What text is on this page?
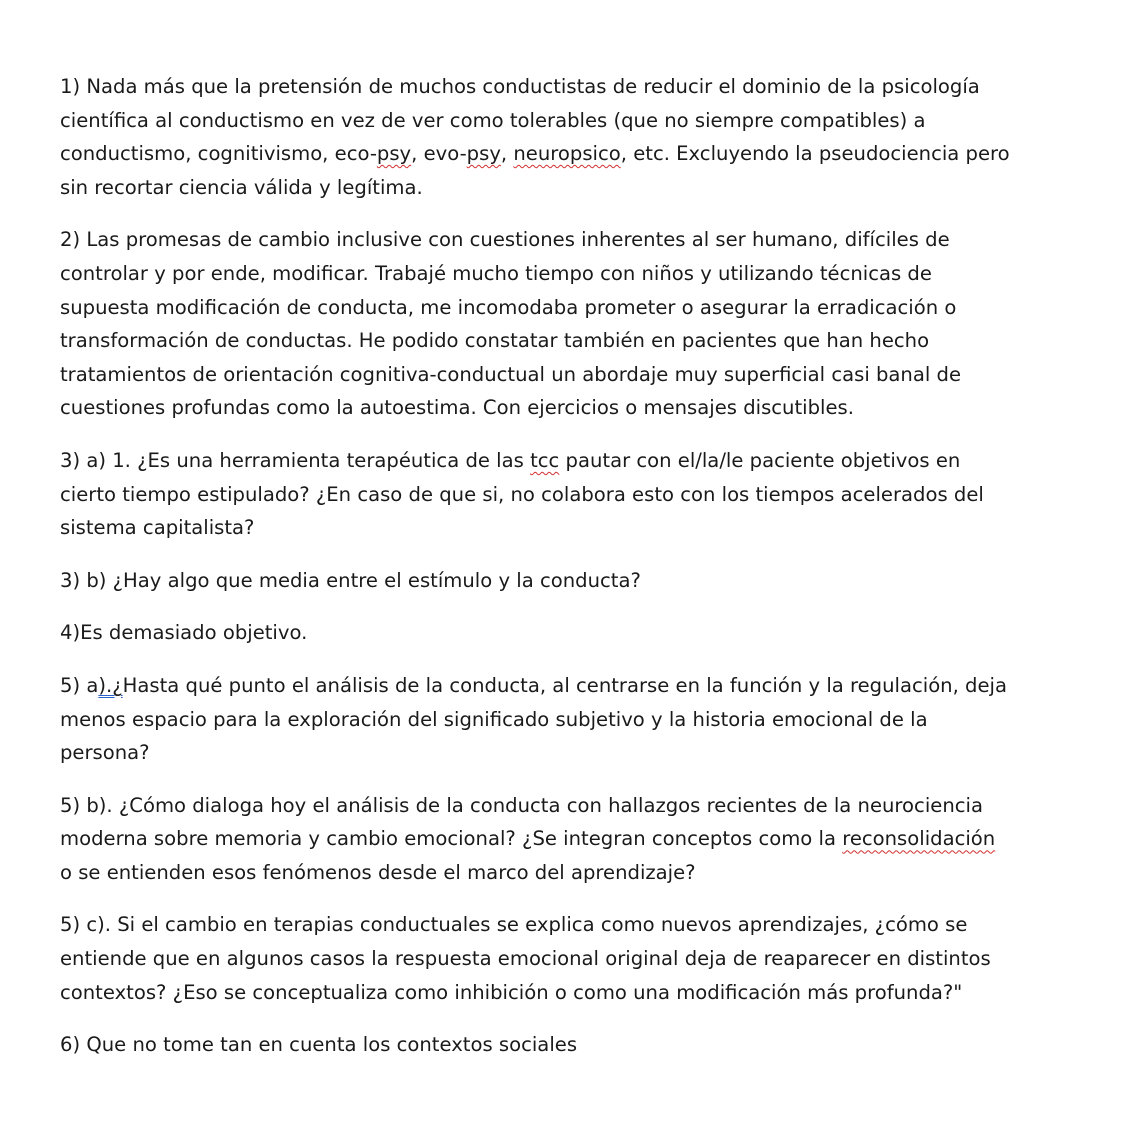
1) Nada más que la pretensión de muchos conductistas de reducir el dominio de la psicología
científica al conductismo en vez de ver como tolerables (que no siempre compatibles) a
conductismo, cognitivismo, eco-psy, evo-psy, neuropsico, etc. Excluyendo la pseudociencia pero
sin recortar ciencia válida y legítima.

2) Las promesas de cambio inclusive con cuestiones inherentes al ser humano, difíciles de
controlar y por ende, modificar. Trabajé mucho tiempo con niños y utilizando técnicas de
supuesta modificación de conducta, me incomodaba prometer o asegurar la erradicación o
transformación de conductas. He podido constatar también en pacientes que han hecho
tratamientos de orientación cognitiva-conductual un abordaje muy superficial casi banal de
cuestiones profundas como la autoestima. Con ejercicios o mensajes discutibles.

3) a) 1. ¿Es una herramienta terapéutica de las tcc pautar con el/la/le paciente objetivos en
cierto tiempo estipulado? ¿En caso de que si, no colabora esto con los tiempos acelerados del
sistema capitalista?

3) b) ¿Hay algo que media entre el estímulo y la conducta?

4)Es demasiado objetivo.

5) a).¿Hasta qué punto el análisis de la conducta, al centrarse en la función y la regulación, deja
menos espacio para la exploración del significado subjetivo y la historia emocional de la
persona?

5) b). ¿Cómo dialoga hoy el análisis de la conducta con hallazgos recientes de la neurociencia
moderna sobre memoria y cambio emocional? ¿Se integran conceptos como la reconsolidación
o se entienden esos fenómenos desde el marco del aprendizaje?

5) c). Si el cambio en terapias conductuales se explica como nuevos aprendizajes, ¿cómo se
entiende que en algunos casos la respuesta emocional original deja de reaparecer en distintos
contextos? ¿Eso se conceptualiza como inhibición o como una modificación más profunda?"

6) Que no tome tan en cuenta los contextos sociales
